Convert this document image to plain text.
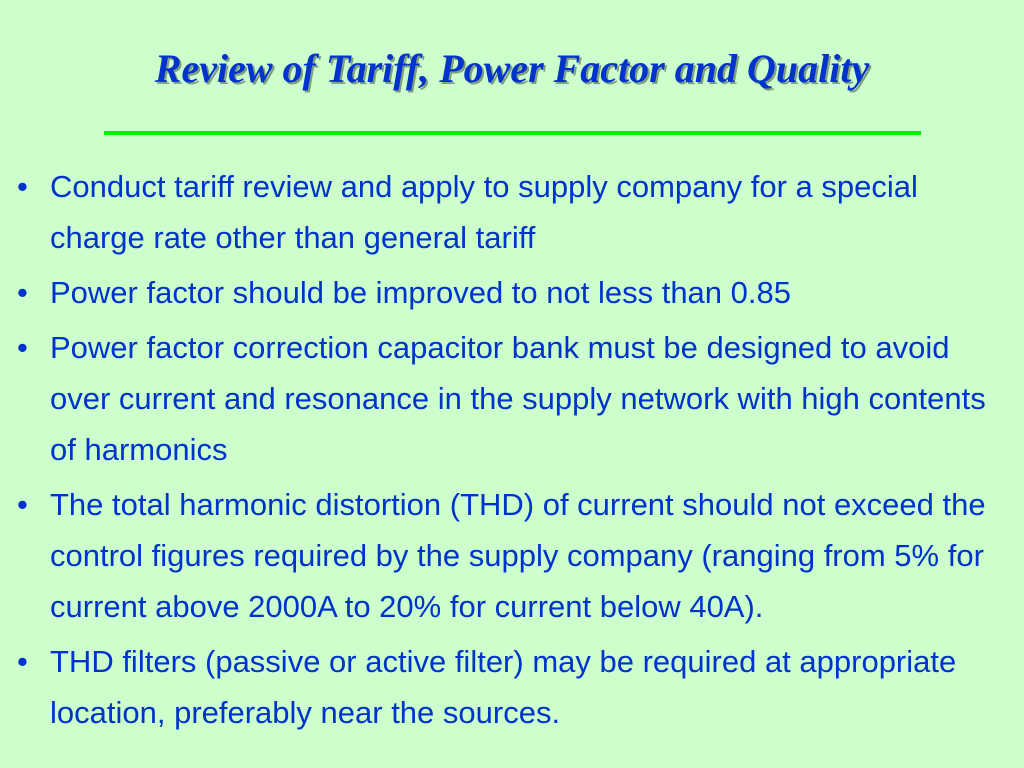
Review of Tariff, Power Factor and Quality
• Conduct tariff review and apply to supply company for a special charge rate other than general tariff
• Power factor should be improved to not less than 0.85
• Power factor correction capacitor bank must be designed to avoid over current and resonance in the supply network with high contents of harmonics
• The total harmonic distortion (THD) of current should not exceed the control figures required by the supply company (ranging from 5% for current above 2000A to 20% for current below 40A).
• THD filters (passive or active filter) may be required at appropriate location, preferably near the sources.
